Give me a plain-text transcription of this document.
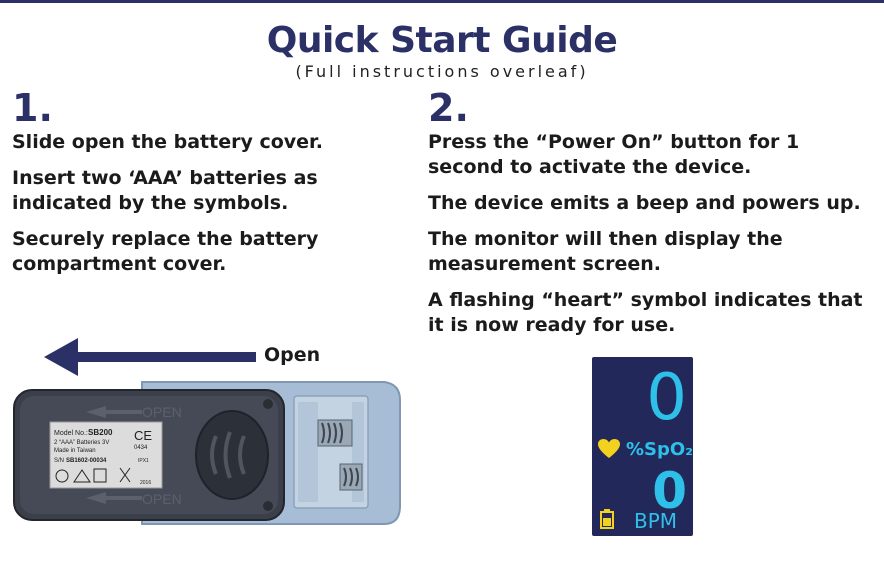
Quick Start Guide
(Full instructions overleaf)
1.

Slide open the battery cover.

Insert two ‘AAA’ batteries as indicated by the symbols.

Securely replace the battery compartment cover.

2.

Press the “Power On” button for 1 second to activate the device.

The device emits a beep and powers up.

The monitor will then display the measurement screen.

A flashing “heart” symbol indicates that it is now ready for use.

Open
OPEN
OPEN
Model No.: SB200 CE
0434
2 “AAA” Batteries 3V
Made in Taiwan
S/N SB1602-00034	IPX1
2016
0
%SpO₂
0
BPM
